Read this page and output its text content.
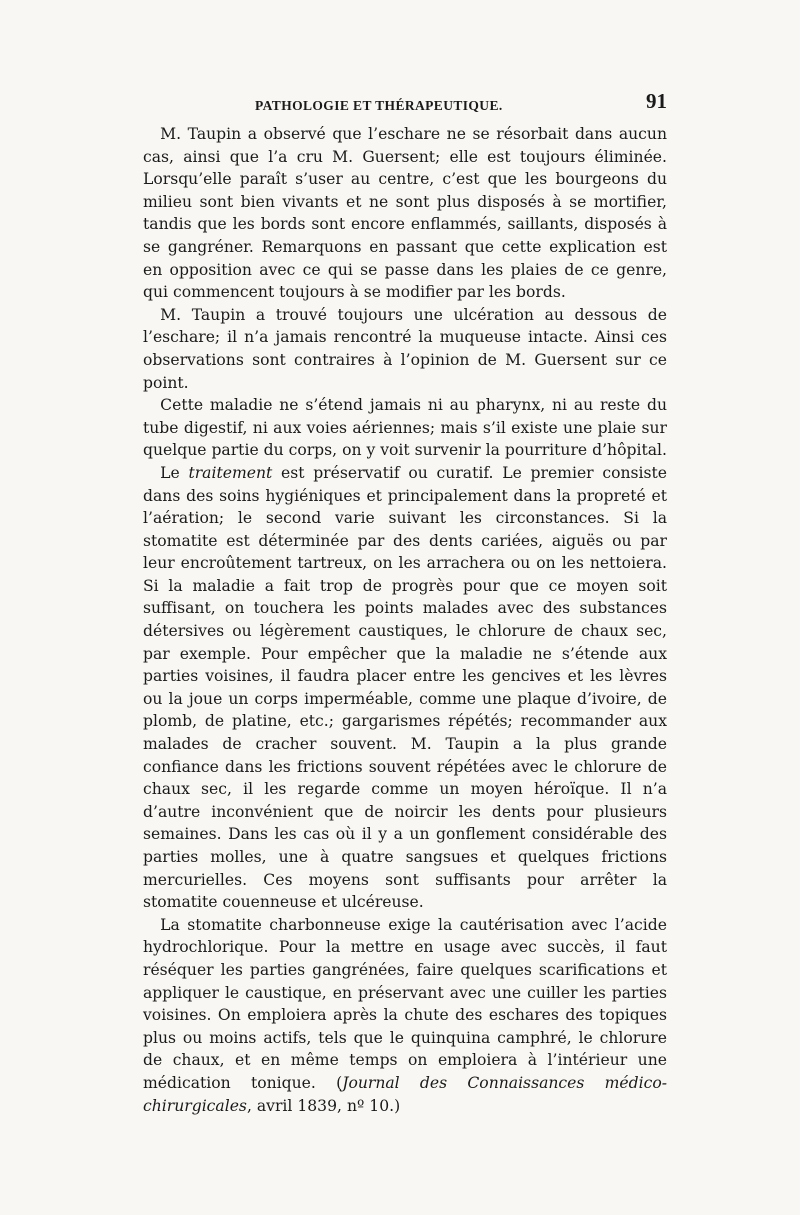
PATHOLOGIE ET THÉRAPEUTIQUE.	91

M. Taupin a observé que l’eschare ne se résorbait dans aucun cas, ainsi que l’a cru M. Guersent; elle est toujours éliminée. Lorsqu’elle paraît s’user au centre, c’est que les bourgeons du milieu sont bien vivants et ne sont plus disposés à se mortifier, tandis que les bords sont encore enflammés, saillants, disposés à se gangréner. Remarquons en passant que cette explication est en opposition avec ce qui se passe dans les plaies de ce genre, qui commencent toujours à se modifier par les bords.

M. Taupin a trouvé toujours une ulcération au dessous de l’eschare; il n’a jamais rencontré la muqueuse intacte. Ainsi ces observations sont contraires à l’opinion de M. Guersent sur ce point.

Cette maladie ne s’étend jamais ni au pharynx, ni au reste du tube digestif, ni aux voies aériennes; mais s’il existe une plaie sur quelque partie du corps, on y voit survenir la pourriture d’hôpital.

Le traitement est préservatif ou curatif. Le premier consiste dans des soins hygiéniques et principalement dans la propreté et l’aération; le second varie suivant les circonstances. Si la stomatite est déterminée par des dents cariées, aiguës ou par leur encroûtement tartreux, on les arrachera ou on les nettoiera. Si la maladie a fait trop de progrès pour que ce moyen soit suffisant, on touchera les points malades avec des substances détersives ou légèrement caustiques, le chlorure de chaux sec, par exemple. Pour empêcher que la maladie ne s’étende aux parties voisines, il faudra placer entre les gencives et les lèvres ou la joue un corps imperméable, comme une plaque d’ivoire, de plomb, de platine, etc.; gargarismes répétés; recommander aux malades de cracher souvent. M. Taupin a la plus grande confiance dans les frictions souvent répétées avec le chlorure de chaux sec, il les regarde comme un moyen héroïque. Il n’a d’autre inconvénient que de noircir les dents pour plusieurs semaines. Dans les cas où il y a un gonflement considérable des parties molles, une à quatre sangsues et quelques frictions mercurielles. Ces moyens sont suffisants pour arrêter la stomatite couenneuse et ulcéreuse.

La stomatite charbonneuse exige la cautérisation avec l’acide hydrochlorique. Pour la mettre en usage avec succès, il faut réséquer les parties gangrénées, faire quelques scarifications et appliquer le caustique, en préservant avec une cuiller les parties voisines. On emploiera après la chute des eschares des topiques plus ou moins actifs, tels que le quinquina camphré, le chlorure de chaux, et en même temps on emploiera à l’intérieur une médication tonique. (Journal des Connaissances médico-chirurgicales, avril 1839, nº 10.)
